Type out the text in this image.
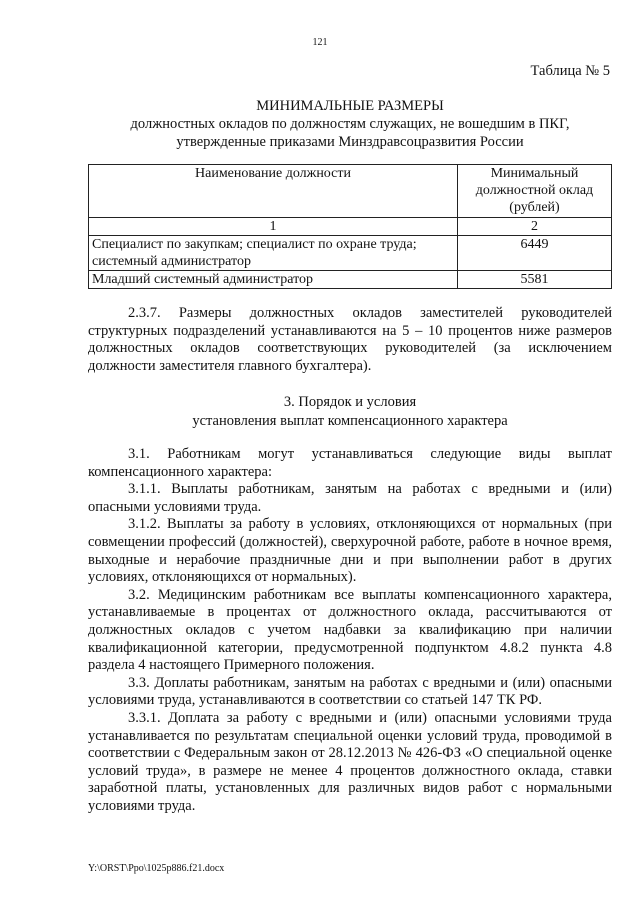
121
Таблица № 5
МИНИМАЛЬНЫЕ РАЗМЕРЫ
должностных окладов по должностям служащих, не вошедшим в ПКГ,
утвержденные приказами Минздравсоцразвития России
Наименование должности	Минимальный должностной оклад (рублей)
1	2
Специалист по закупкам; специалист по охране труда; системный администратор	6449
Младший системный администратор	5581

2.3.7. Размеры должностных окладов заместителей руководителей структурных подразделений устанавливаются на 5 – 10 процентов ниже размеров должностных окладов соответствующих руководителей (за исключением должности заместителя главного бухгалтера).

3. Порядок и условия
установления выплат компенсационного характера

3.1. Работникам могут устанавливаться следующие виды выплат компенсационного характера:

3.1.1. Выплаты работникам, занятым на работах с вредными и (или) опасными условиями труда.

3.1.2. Выплаты за работу в условиях, отклоняющихся от нормальных (при совмещении профессий (должностей), сверхурочной работе, работе в ночное время, выходные и нерабочие праздничные дни и при выполнении работ в других условиях, отклоняющихся от нормальных).

3.2. Медицинским работникам все выплаты компенсационного характера, устанавливаемые в процентах от должностного оклада, рассчитываются от должностных окладов с учетом надбавки за квалификацию при наличии квалификационной категории, предусмотренной подпунктом 4.8.2 пункта 4.8 раздела 4 настоящего Примерного положения.

3.3. Доплаты работникам, занятым на работах с вредными и (или) опасными условиями труда, устанавливаются в соответствии со статьей 147 ТК РФ.

3.3.1. Доплата за работу с вредными и (или) опасными условиями труда устанавливается по результатам специальной оценки условий труда, проводимой в соответствии с Федеральным закон от 28.12.2013 № 426-ФЗ «О специальной оценке условий труда», в размере не менее 4 процентов должностного оклада, ставки заработной платы, установленных для различных видов работ с нормальными условиями труда.

Y:\ORST\Ppo\1025p886.f21.docx
